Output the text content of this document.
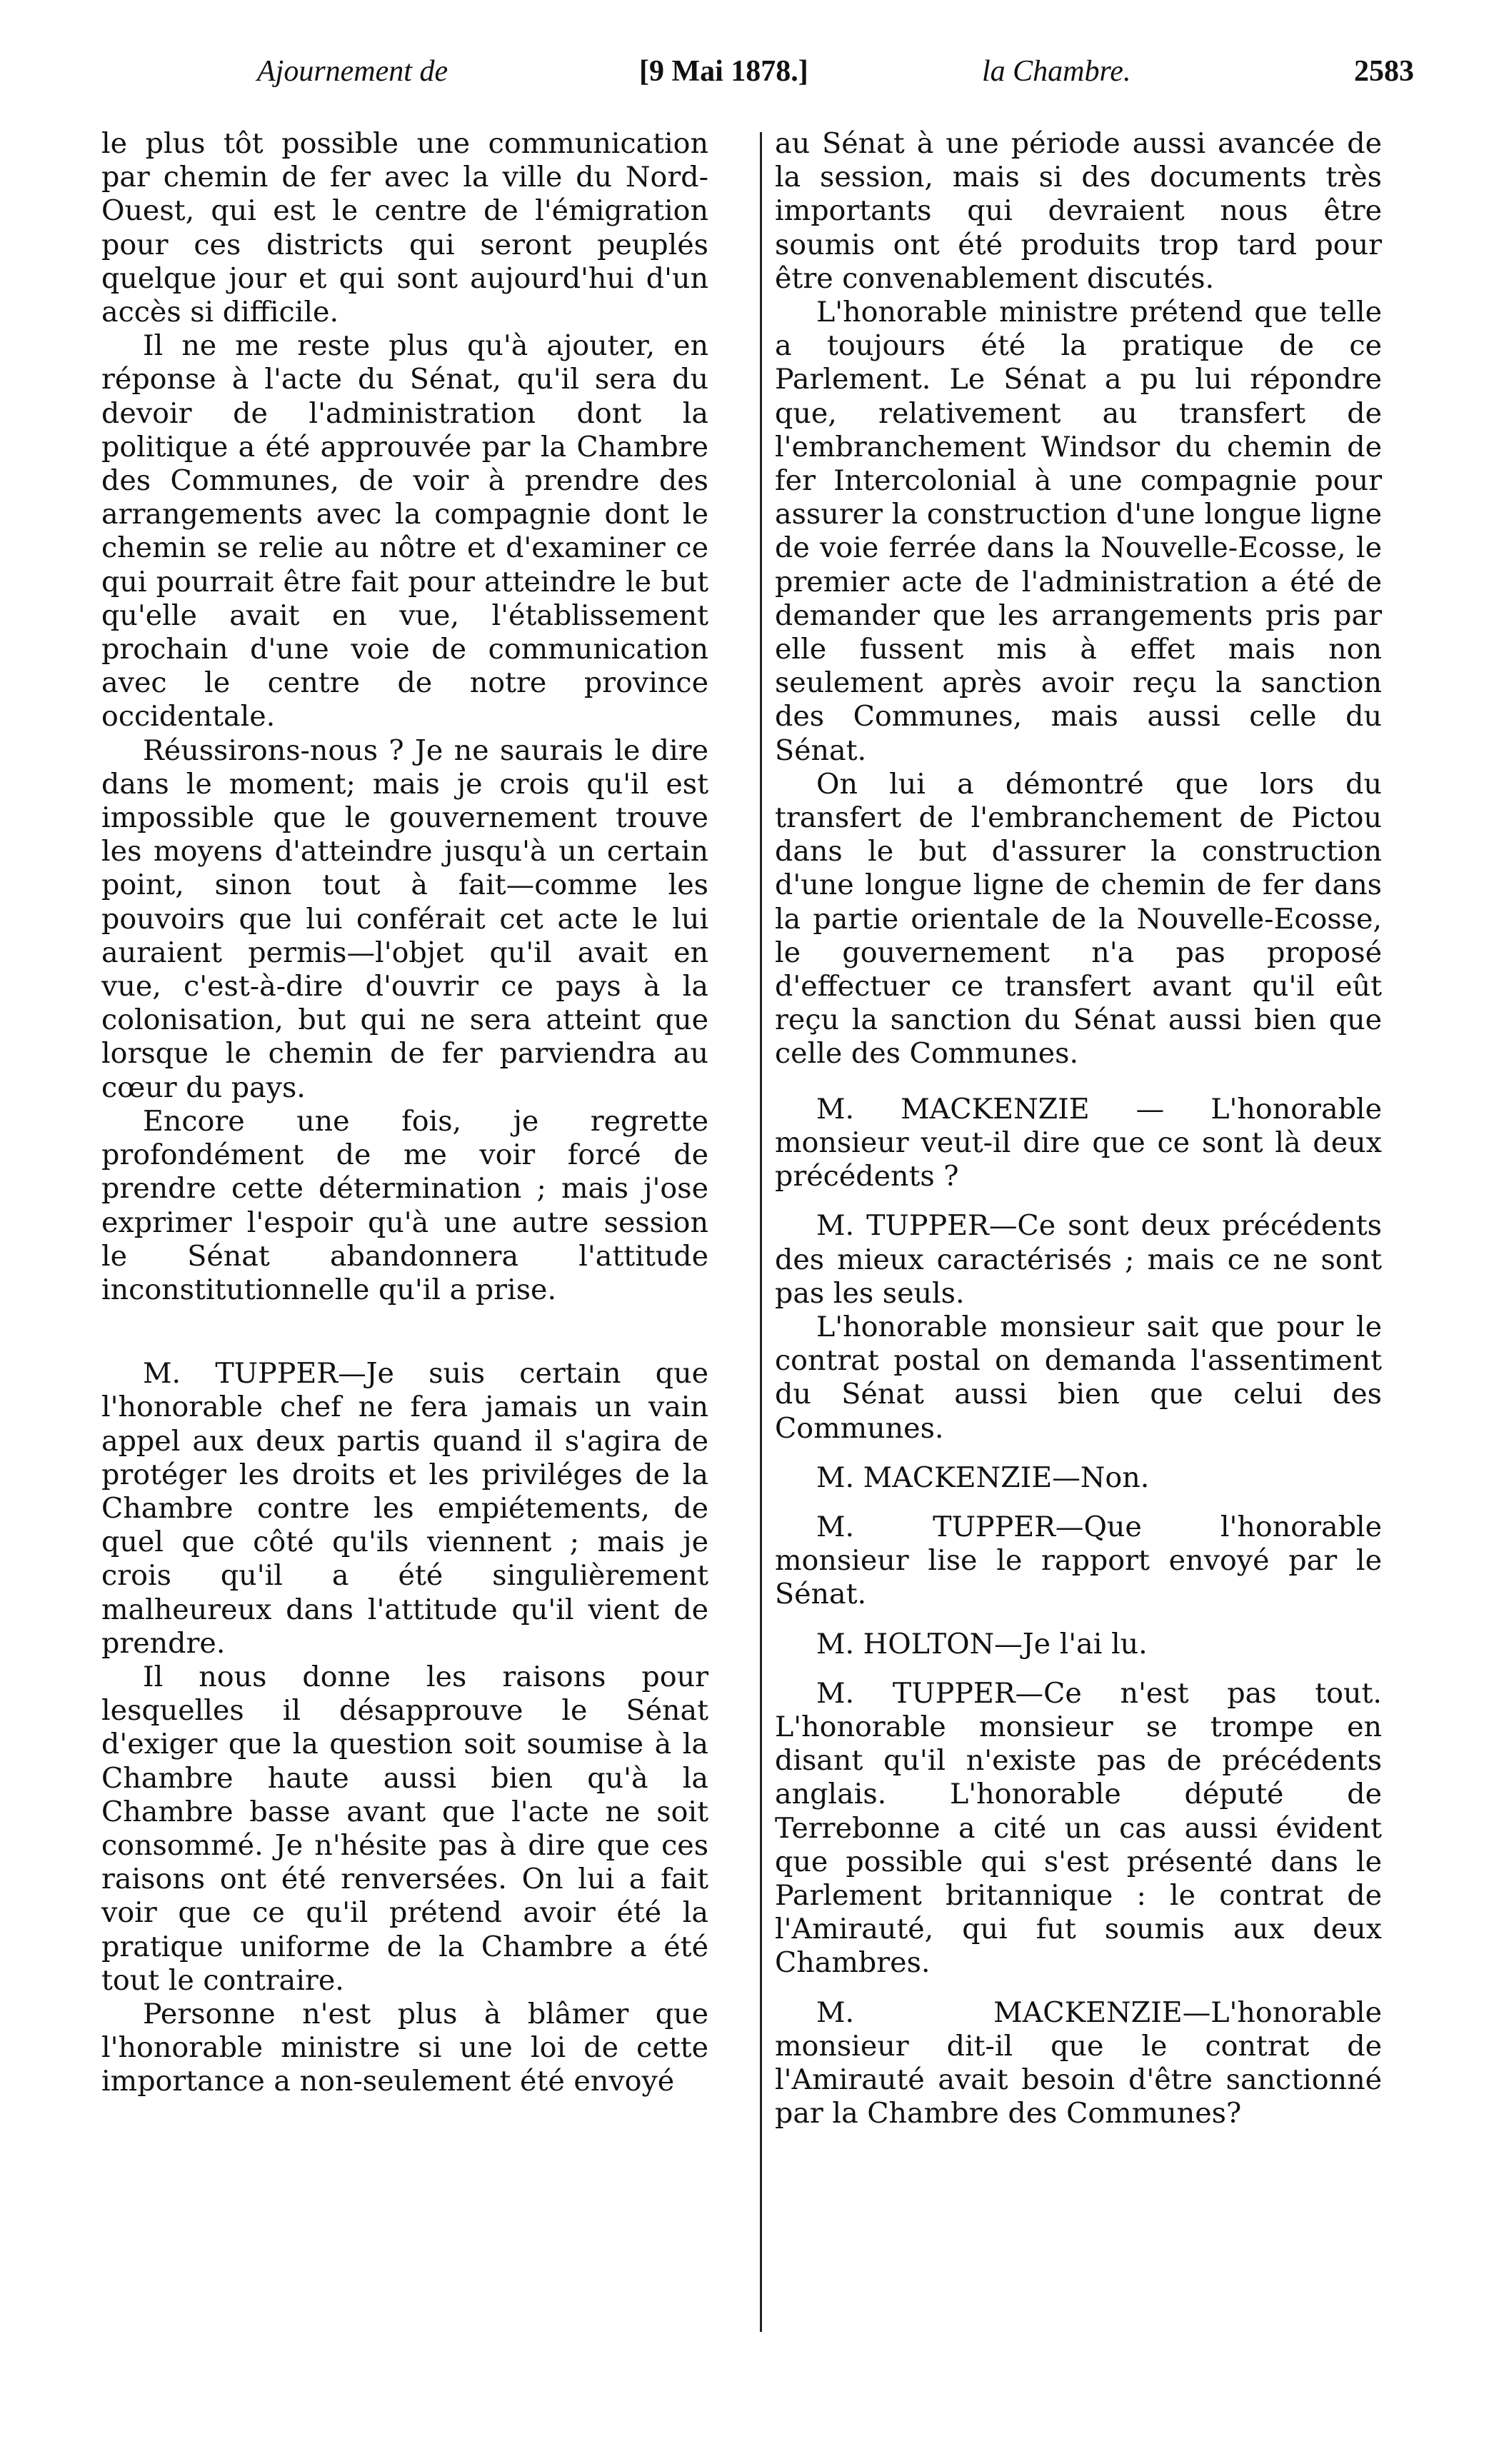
Ajournement de	[9 Mai 1878.]	la Chambre.	2583

le plus tôt possible une communication par chemin de fer avec la ville du Nord-Ouest, qui est le centre de l'émigration pour ces districts qui seront peuplés quelque jour et qui sont aujourd'hui d'un accès si difficile.

Il ne me reste plus qu'à ajouter, en réponse à l'acte du Sénat, qu'il sera du devoir de l'administration dont la politique a été approuvée par la Chambre des Communes, de voir à prendre des arrangements avec la compagnie dont le chemin se relie au nôtre et d'examiner ce qui pourrait être fait pour atteindre le but qu'elle avait en vue, l'établissement prochain d'une voie de communication avec le centre de notre province occidentale.

Réussirons-nous ? Je ne saurais le dire dans le moment; mais je crois qu'il est impossible que le gouvernement trouve les moyens d'atteindre jusqu'à un certain point, sinon tout à fait—comme les pouvoirs que lui conférait cet acte le lui auraient permis—l'objet qu'il avait en vue, c'est-à-dire d'ouvrir ce pays à la colonisation, but qui ne sera atteint que lorsque le chemin de fer parviendra au cœur du pays.

Encore une fois, je regrette profondément de me voir forcé de prendre cette détermination ; mais j'ose exprimer l'espoir qu'à une autre session le Sénat abandonnera l'attitude inconstitutionnelle qu'il a prise.

M. TUPPER—Je suis certain que l'honorable chef ne fera jamais un vain appel aux deux partis quand il s'agira de protéger les droits et les priviléges de la Chambre contre les empiétements, de quel que côté qu'ils viennent ; mais je crois qu'il a été singulièrement malheureux dans l'attitude qu'il vient de prendre.

Il nous donne les raisons pour lesquelles il désapprouve le Sénat d'exiger que la question soit soumise à la Chambre haute aussi bien qu'à la Chambre basse avant que l'acte ne soit consommé. Je n'hésite pas à dire que ces raisons ont été renversées. On lui a fait voir que ce qu'il prétend avoir été la pratique uniforme de la Chambre a été tout le contraire.

Personne n'est plus à blâmer que l'honorable ministre si une loi de cette importance a non-seulement été envoyé

au Sénat à une période aussi avancée de la session, mais si des documents très importants qui devraient nous être soumis ont été produits trop tard pour être convenablement discutés.

L'honorable ministre prétend que telle a toujours été la pratique de ce Parlement. Le Sénat a pu lui répondre que, relativement au transfert de l'embranchement Windsor du chemin de fer Intercolonial à une compagnie pour assurer la construction d'une longue ligne de voie ferrée dans la Nouvelle-Ecosse, le premier acte de l'administration a été de demander que les arrangements pris par elle fussent mis à effet mais non seulement après avoir reçu la sanction des Communes, mais aussi celle du Sénat.

On lui a démontré que lors du transfert de l'embranchement de Pictou dans le but d'assurer la construction d'une longue ligne de chemin de fer dans la partie orientale de la Nouvelle-Ecosse, le gouvernement n'a pas proposé d'effectuer ce transfert avant qu'il eût reçu la sanction du Sénat aussi bien que celle des Communes.

M. MACKENZIE — L'honorable monsieur veut-il dire que ce sont là deux précédents ?

M. TUPPER—Ce sont deux précédents des mieux caractérisés ; mais ce ne sont pas les seuls.

L'honorable monsieur sait que pour le contrat postal on demanda l'assentiment du Sénat aussi bien que celui des Communes.

M. MACKENZIE—Non.

M. TUPPER—Que l'honorable monsieur lise le rapport envoyé par le Sénat.

M. HOLTON—Je l'ai lu.

M. TUPPER—Ce n'est pas tout. L'honorable monsieur se trompe en disant qu'il n'existe pas de précédents anglais. L'honorable député de Terrebonne a cité un cas aussi évident que possible qui s'est présenté dans le Parlement britannique : le contrat de l'Amirauté, qui fut soumis aux deux Chambres.

M. MACKENZIE—L'honorable monsieur dit-il que le contrat de l'Amirauté avait besoin d'être sanctionné par la Chambre des Communes?
